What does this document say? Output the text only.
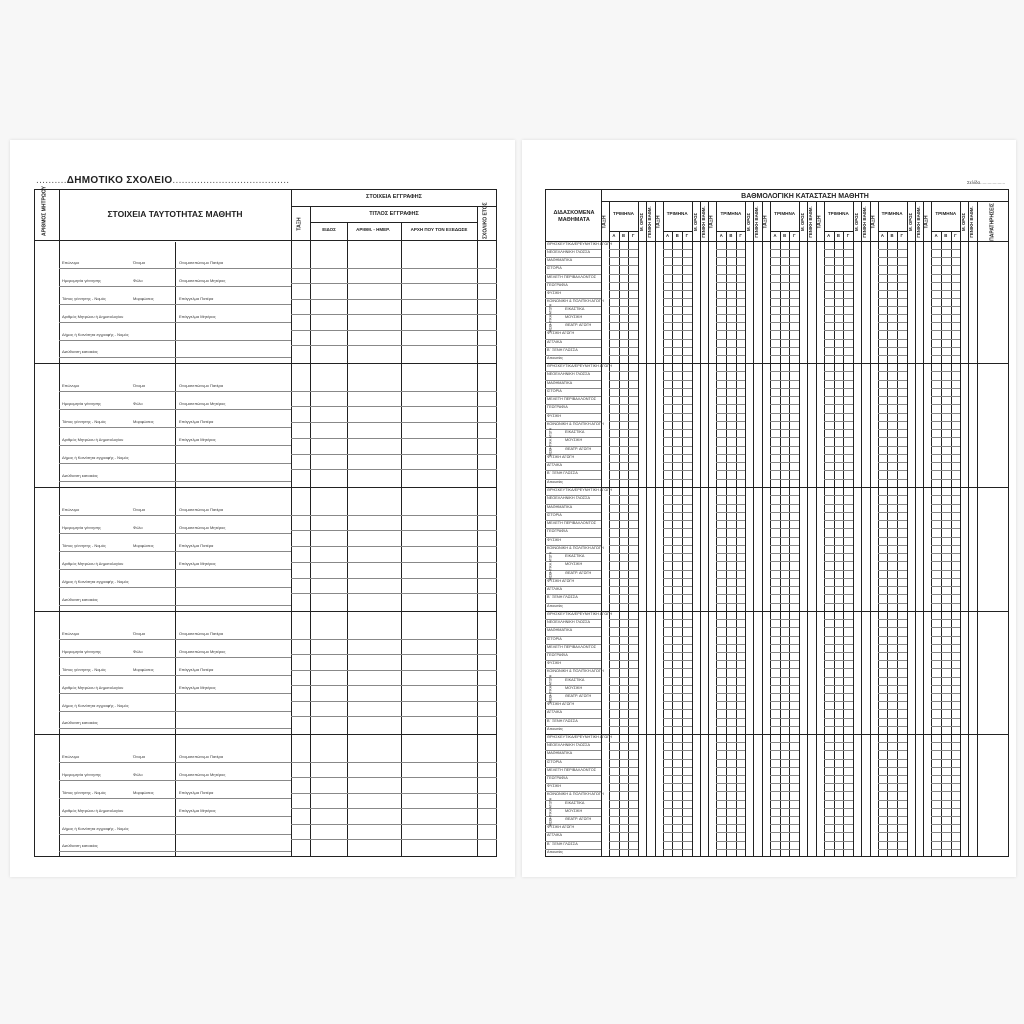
..........ΔΗΜΟΤΙΚΟ ΣΧΟΛΕΙΟ......................................
ΑΡΙΘΜΟΣ ΜΗΤΡΩΟΥ	ΣΤΟΙΧΕΙΑ ΤΑΥΤΟΤΗΤΑΣ ΜΑΘΗΤΗ
ΣΤΟΙΧΕΙΑ ΕΓΓΡΑΦΗΣ
ΤΑΞΗ
ΤΙΤΛΟΣ ΕΓΓΡΑΦΗΣ
ΕΙΔΟΣ	ΑΡΙΘΜ. - ΗΜΕΡ.	ΑΡΧΗ ΠΟΥ ΤΟΝ ΕΞΕΔΩΣΕ	ΣΧΟΛΙΚΟ ΕΤΟΣ
Επώνυμο	Όνομα	Ονοματεπώνυμο Πατέρα
Ημερομηνία γέννησης	Φύλο	Ονοματεπώνυμο Μητέρας
Τόπος γέννησης - Νομός	Μορφώσεις	Επάγγελμα Πατέρα
Αριθμός Μητρώου ή Δημοτολογίου	Επάγγελμα Μητέρας
Δήμος ή Κοινότητα εγγραφής - Νομός
Διεύθυνση κατοικίας
Επώνυμο	Όνομα	Ονοματεπώνυμο Πατέρα
Ημερομηνία γέννησης	Φύλο	Ονοματεπώνυμο Μητέρας
Τόπος γέννησης - Νομός	Μορφώσεις	Επάγγελμα Πατέρα
Αριθμός Μητρώου ή Δημοτολογίου	Επάγγελμα Μητέρας
Δήμος ή Κοινότητα εγγραφής - Νομός
Διεύθυνση κατοικίας
Επώνυμο	Όνομα	Ονοματεπώνυμο Πατέρα
Ημερομηνία γέννησης	Φύλο	Ονοματεπώνυμο Μητέρας
Τόπος γέννησης - Νομός	Μορφώσεις	Επάγγελμα Πατέρα
Αριθμός Μητρώου ή Δημοτολογίου	Επάγγελμα Μητέρας
Δήμος ή Κοινότητα εγγραφής - Νομός
Διεύθυνση κατοικίας
Επώνυμο	Όνομα	Ονοματεπώνυμο Πατέρα
Ημερομηνία γέννησης	Φύλο	Ονοματεπώνυμο Μητέρας
Τόπος γέννησης - Νομός	Μορφώσεις	Επάγγελμα Πατέρα
Αριθμός Μητρώου ή Δημοτολογίου	Επάγγελμα Μητέρας
Δήμος ή Κοινότητα εγγραφής - Νομός
Διεύθυνση κατοικίας
Επώνυμο	Όνομα	Ονοματεπώνυμο Πατέρα
Ημερομηνία γέννησης	Φύλο	Ονοματεπώνυμο Μητέρας
Τόπος γέννησης - Νομός	Μορφώσεις	Επάγγελμα Πατέρα
Αριθμός Μητρώου ή Δημοτολογίου	Επάγγελμα Μητέρας
Δήμος ή Κοινότητα εγγραφής - Νομός
Διεύθυνση κατοικίας
Σελίδα....................
ΒΑΘΜΟΛΟΓΙΚΗ ΚΑΤΑΣΤΑΣΗ ΜΑΘΗΤΗ
ΔΙΔΑΣΚΟΜΕΝΑ ΜΑΘΗΜΑΤΑ	ΠΑΡΑΤΗΡΗΣΕΙΣ
ΤΑΞΗ
ΤΡΙΜΗΝΑ
Α Β Γ
Μ. ΟΡΟΣ ΓΕΝΙΚΗ ΒΑΘΜ. ΤΑΞΗ
ΤΡΙΜΗΝΑ
Α Β Γ
Μ. ΟΡΟΣ ΓΕΝΙΚΗ ΒΑΘΜ. ΤΑΞΗ
ΤΡΙΜΗΝΑ
Α Β Γ
Μ. ΟΡΟΣ ΓΕΝΙΚΗ ΒΑΘΜ. ΤΑΞΗ
ΤΡΙΜΗΝΑ
Α Β Γ
Μ. ΟΡΟΣ ΓΕΝΙΚΗ ΒΑΘΜ. ΤΑΞΗ
ΤΡΙΜΗΝΑ
Α Β Γ
Μ. ΟΡΟΣ ΓΕΝΙΚΗ ΒΑΘΜ. ΤΑΞΗ
ΤΡΙΜΗΝΑ
Α Β Γ
Μ. ΟΡΟΣ ΓΕΝΙΚΗ ΒΑΘΜ. ΤΑΞΗ
ΤΡΙΜΗΝΑ
Α Β Γ
Μ. ΟΡΟΣ ΓΕΝΙΚΗ ΒΑΘΜ.
ΘΡΗΣΚΕΥΤΙΚΑ/ΕΡΕΥΝΗΤΙΚΗ ΑΓΩΓΗ
ΝΕΟΕΛΛΗΝΙΚΗ ΓΛΩΣΣΑ
ΜΑΘΗΜΑΤΙΚΑ
ΙΣΤΟΡΙΑ
ΜΕΛΕΤΗ ΠΕΡΙΒΑΛΛΟΝΤΟΣ
ΓΕΩΓΡΑΦΙΑ
ΦΥΣΙΚΗ
ΚΟΙΝΩΝΙΚΗ & ΠΟΛΙΤΙΚΗ ΑΓΩΓΗ
ΕΙΚΑΣΤΙΚΑ
ΜΟΥΣΙΚΗ
ΘΕΑΤΡ. ΑΓΩΓΗ
ΦΥΣΙΚΗ ΑΓΩΓΗ
ΑΓΓΛΙΚΑ
Β΄ ΞΕΝΗ ΓΛΩΣΣΑ
Απουσίες
ΑΙΣΘΗΤΙΚΗ ΑΓΩΓΗ
ΘΡΗΣΚΕΥΤΙΚΑ/ΕΡΕΥΝΗΤΙΚΗ ΑΓΩΓΗ
ΝΕΟΕΛΛΗΝΙΚΗ ΓΛΩΣΣΑ
ΜΑΘΗΜΑΤΙΚΑ
ΙΣΤΟΡΙΑ
ΜΕΛΕΤΗ ΠΕΡΙΒΑΛΛΟΝΤΟΣ
ΓΕΩΓΡΑΦΙΑ
ΦΥΣΙΚΗ
ΚΟΙΝΩΝΙΚΗ & ΠΟΛΙΤΙΚΗ ΑΓΩΓΗ
ΕΙΚΑΣΤΙΚΑ
ΜΟΥΣΙΚΗ
ΘΕΑΤΡ. ΑΓΩΓΗ
ΦΥΣΙΚΗ ΑΓΩΓΗ
ΑΓΓΛΙΚΑ
Β΄ ΞΕΝΗ ΓΛΩΣΣΑ
Απουσίες
ΑΙΣΘΗΤΙΚΗ ΑΓΩΓΗ
ΘΡΗΣΚΕΥΤΙΚΑ/ΕΡΕΥΝΗΤΙΚΗ ΑΓΩΓΗ
ΝΕΟΕΛΛΗΝΙΚΗ ΓΛΩΣΣΑ
ΜΑΘΗΜΑΤΙΚΑ
ΙΣΤΟΡΙΑ
ΜΕΛΕΤΗ ΠΕΡΙΒΑΛΛΟΝΤΟΣ
ΓΕΩΓΡΑΦΙΑ
ΦΥΣΙΚΗ
ΚΟΙΝΩΝΙΚΗ & ΠΟΛΙΤΙΚΗ ΑΓΩΓΗ
ΕΙΚΑΣΤΙΚΑ
ΜΟΥΣΙΚΗ
ΘΕΑΤΡ. ΑΓΩΓΗ
ΦΥΣΙΚΗ ΑΓΩΓΗ
ΑΓΓΛΙΚΑ
Β΄ ΞΕΝΗ ΓΛΩΣΣΑ
Απουσίες
ΑΙΣΘΗΤΙΚΗ ΑΓΩΓΗ
ΘΡΗΣΚΕΥΤΙΚΑ/ΕΡΕΥΝΗΤΙΚΗ ΑΓΩΓΗ
ΝΕΟΕΛΛΗΝΙΚΗ ΓΛΩΣΣΑ
ΜΑΘΗΜΑΤΙΚΑ
ΙΣΤΟΡΙΑ
ΜΕΛΕΤΗ ΠΕΡΙΒΑΛΛΟΝΤΟΣ
ΓΕΩΓΡΑΦΙΑ
ΦΥΣΙΚΗ
ΚΟΙΝΩΝΙΚΗ & ΠΟΛΙΤΙΚΗ ΑΓΩΓΗ
ΕΙΚΑΣΤΙΚΑ
ΜΟΥΣΙΚΗ
ΘΕΑΤΡ. ΑΓΩΓΗ
ΦΥΣΙΚΗ ΑΓΩΓΗ
ΑΓΓΛΙΚΑ
Β΄ ΞΕΝΗ ΓΛΩΣΣΑ
Απουσίες
ΑΙΣΘΗΤΙΚΗ ΑΓΩΓΗ
ΘΡΗΣΚΕΥΤΙΚΑ/ΕΡΕΥΝΗΤΙΚΗ ΑΓΩΓΗ
ΝΕΟΕΛΛΗΝΙΚΗ ΓΛΩΣΣΑ
ΜΑΘΗΜΑΤΙΚΑ
ΙΣΤΟΡΙΑ
ΜΕΛΕΤΗ ΠΕΡΙΒΑΛΛΟΝΤΟΣ
ΓΕΩΓΡΑΦΙΑ
ΦΥΣΙΚΗ
ΚΟΙΝΩΝΙΚΗ & ΠΟΛΙΤΙΚΗ ΑΓΩΓΗ
ΕΙΚΑΣΤΙΚΑ
ΜΟΥΣΙΚΗ
ΘΕΑΤΡ. ΑΓΩΓΗ
ΦΥΣΙΚΗ ΑΓΩΓΗ
ΑΓΓΛΙΚΑ
Β΄ ΞΕΝΗ ΓΛΩΣΣΑ
Απουσίες
ΑΙΣΘΗΤΙΚΗ ΑΓΩΓΗ
